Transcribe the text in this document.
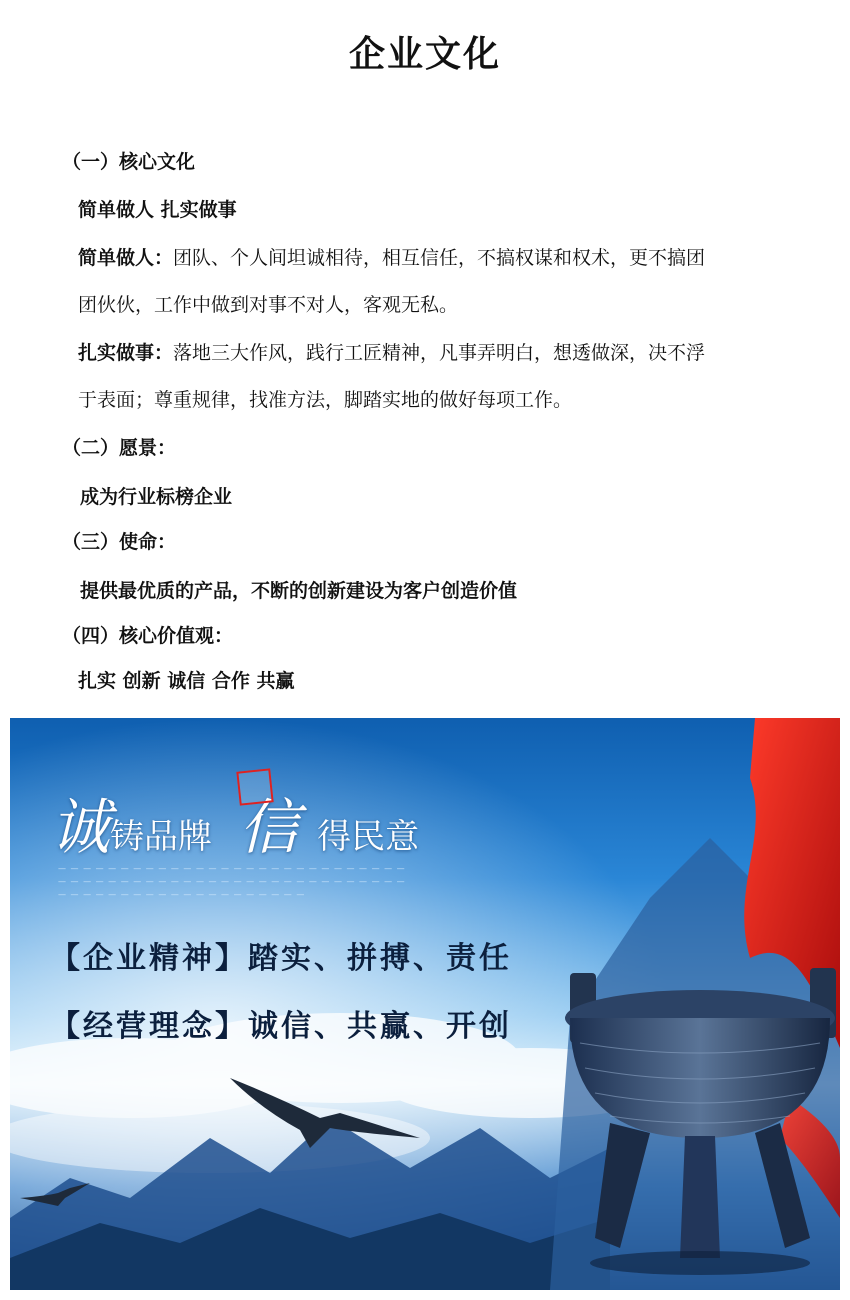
企业文化
（一）核心文化
简单做人 扎实做事
简单做人：团队、个人间坦诚相待，相互信任，不搞权谋和权术，更不搞团
团伙伙，工作中做到对事不对人，客观无私。
扎实做事：落地三大作风，践行工匠精神，凡事弄明白，想透做深，决不浮
于表面；尊重规律，找准方法，脚踏实地的做好每项工作。
（二）愿景：
成为行业标榜企业
（三）使命：
提供最优质的产品，不断的创新建设为客户创造价值
（四）核心价值观：
扎实 创新 诚信 合作 共赢
诚铸品牌 信 得民意
— — — — — — — — — — — — — — — — — — — — — — — — — — — —
— — — — — — — — — — — — — — — — — — — — — — — — — — — —
— — — — — — — — — — — — — — — — — — — —
【企业精神】踏实、拼搏、责任
【经营理念】诚信、共赢、开创
